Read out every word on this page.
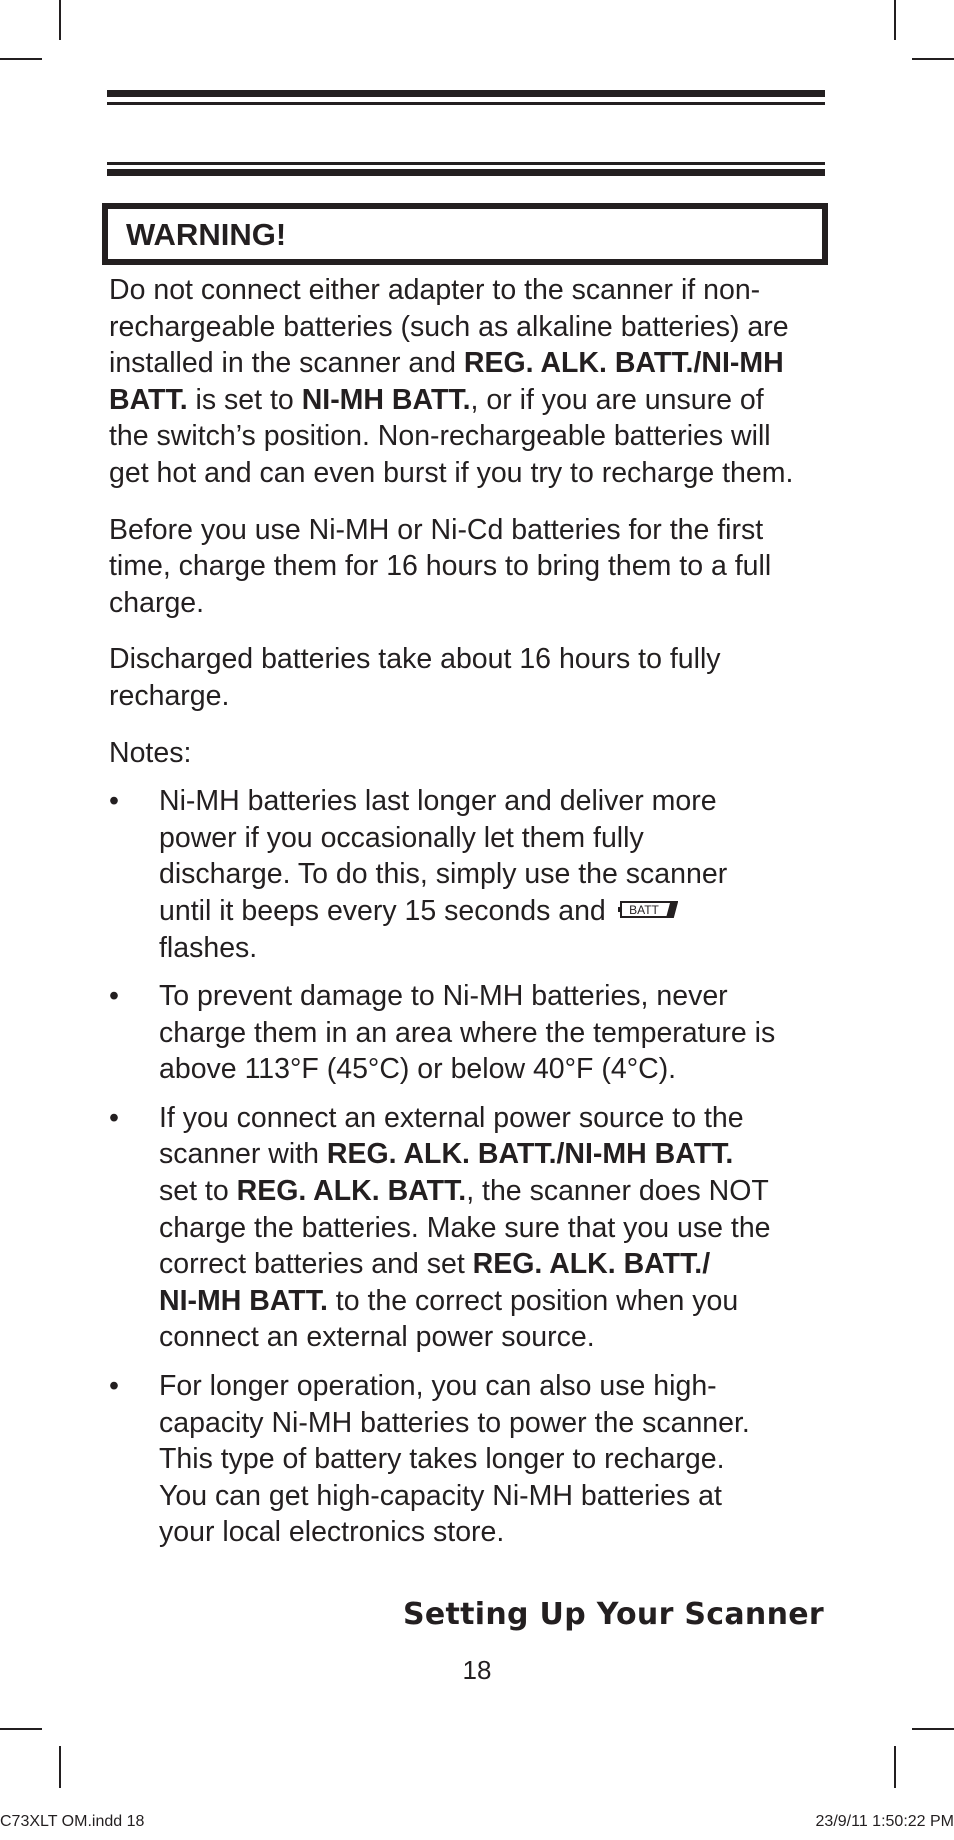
WARNING!
Do not connect either adapter to the scanner if non-
rechargeable batteries (such as alkaline batteries) are
installed in the scanner and REG. ALK. BATT./NI-MH
BATT. is set to NI-MH BATT., or if you are unsure of
the switch’s position. Non-rechargeable batteries will
get hot and can even burst if you try to recharge them.
Before you use Ni-MH or Ni-Cd batteries for the first
time, charge them for 16 hours to bring them to a full
charge.
Discharged batteries take about 16 hours to fully
recharge.
Notes:
•	Ni-MH batteries last longer and deliver more
power if you occasionally let them fully
discharge. To do this, simply use the scanner
until it beeps every 15 seconds and BATT
flashes.
•	To prevent damage to Ni-MH batteries, never
charge them in an area where the temperature is
above 113°F (45°C) or below 40°F (4°C).
•	If you connect an external power source to the
scanner with REG. ALK. BATT./NI-MH BATT.
set to REG. ALK. BATT., the scanner does NOT
charge the batteries. Make sure that you use the
correct batteries and set REG. ALK. BATT./
NI-MH BATT. to the correct position when you
connect an external power source.
•	For longer operation, you can also use high-
capacity Ni-MH batteries to power the scanner.
This type of battery takes longer to recharge.
You can get high-capacity Ni-MH batteries at
your local electronics store.
Setting Up Your Scanner
18
C73XLT OM.indd 18	23/9/11 1:50:22 PM
